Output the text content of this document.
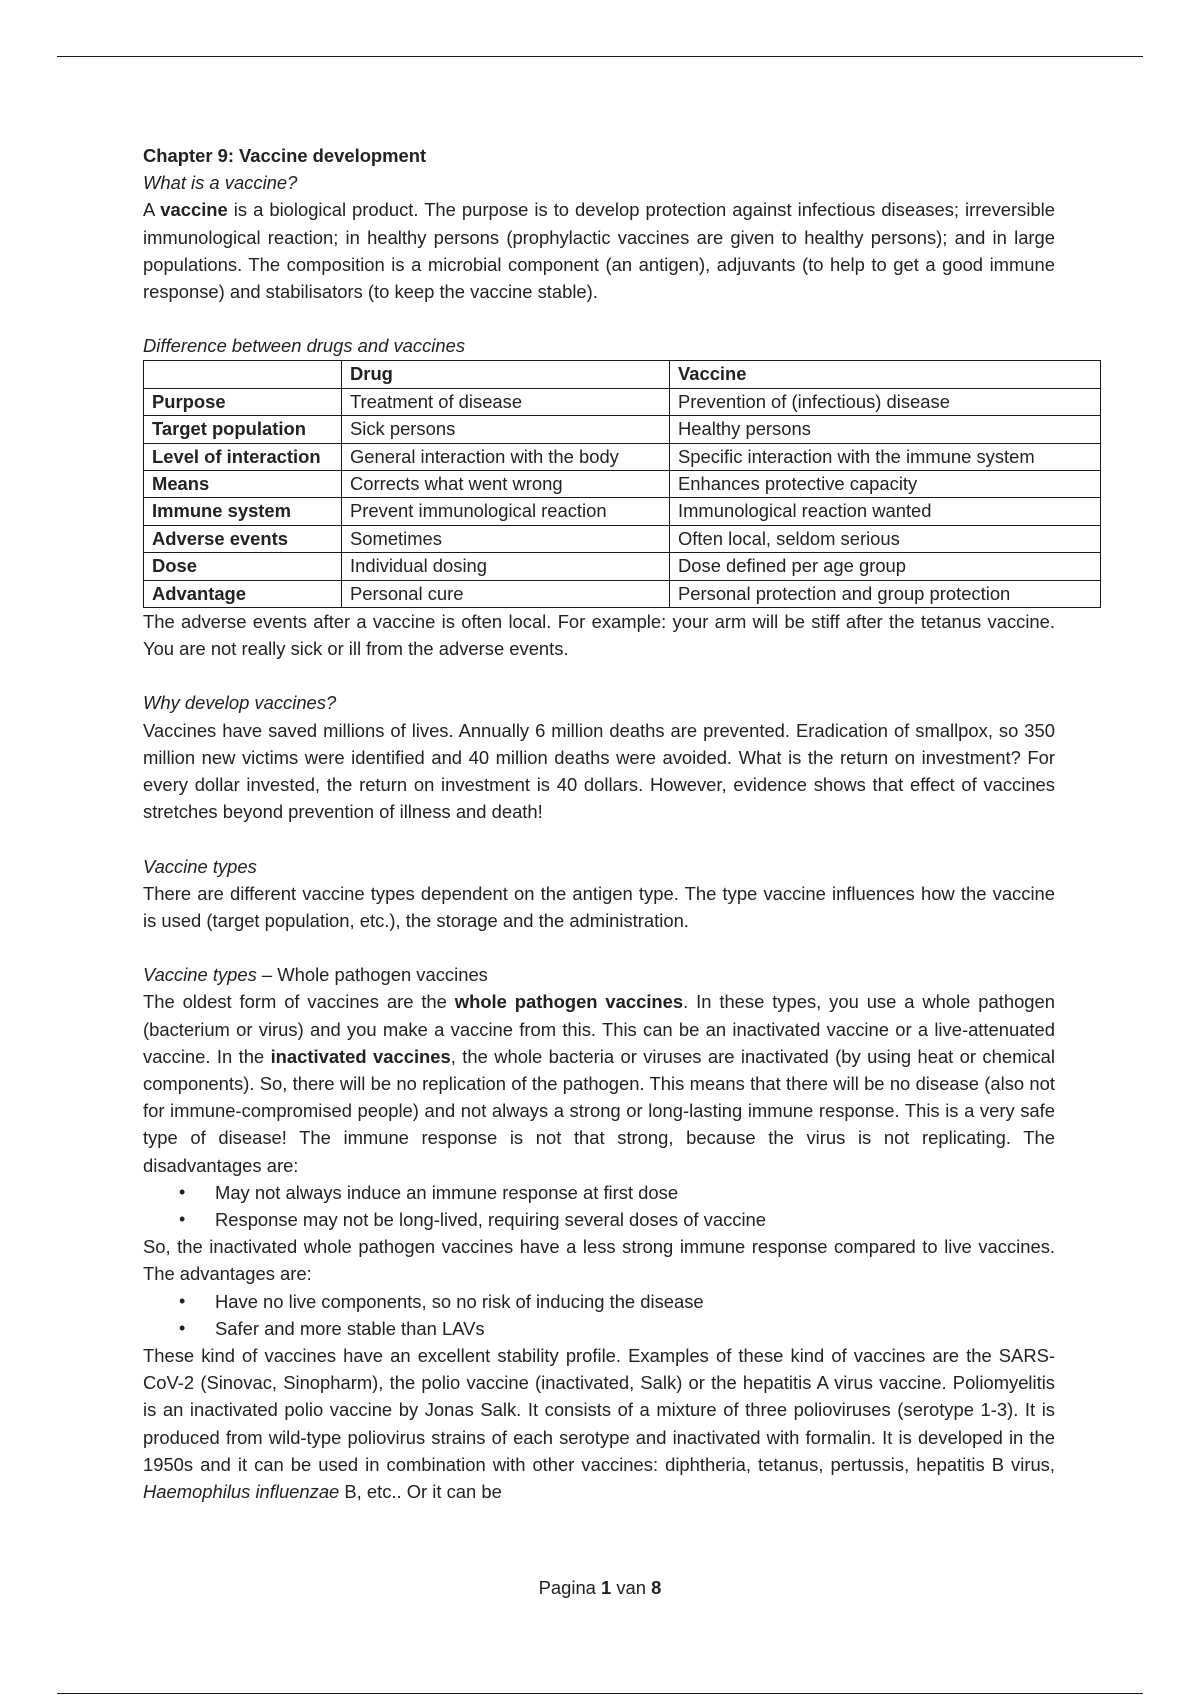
Chapter 9: Vaccine development
What is a vaccine?

A vaccine is a biological product. The purpose is to develop protection against infectious diseases; irreversible immunological reaction; in healthy persons (prophylactic vaccines are given to healthy persons); and in large populations. The composition is a microbial component (an antigen), adjuvants (to help to get a good immune response) and stabilisators (to keep the vaccine stable).

Difference between drugs and vaccines
	Drug	Vaccine
Purpose	Treatment of disease	Prevention of (infectious) disease
Target population	Sick persons	Healthy persons
Level of interaction	General interaction with the body	Specific interaction with the immune system
Means	Corrects what went wrong	Enhances protective capacity
Immune system	Prevent immunological reaction	Immunological reaction wanted
Adverse events	Sometimes	Often local, seldom serious
Dose	Individual dosing	Dose defined per age group
Advantage	Personal cure	Personal protection and group protection

The adverse events after a vaccine is often local. For example: your arm will be stiff after the tetanus vaccine. You are not really sick or ill from the adverse events.

Why develop vaccines?

Vaccines have saved millions of lives. Annually 6 million deaths are prevented. Eradication of smallpox, so 350 million new victims were identified and 40 million deaths were avoided. What is the return on investment? For every dollar invested, the return on investment is 40 dollars. However, evidence shows that effect of vaccines stretches beyond prevention of illness and death!

Vaccine types

There are different vaccine types dependent on the antigen type. The type vaccine influences how the vaccine is used (target population, etc.), the storage and the administration.

Vaccine types – Whole pathogen vaccines

The oldest form of vaccines are the whole pathogen vaccines. In these types, you use a whole pathogen (bacterium or virus) and you make a vaccine from this. This can be an inactivated vaccine or a live-attenuated vaccine. In the inactivated vaccines, the whole bacteria or viruses are inactivated (by using heat or chemical components). So, there will be no replication of the pathogen. This means that there will be no disease (also not for immune-compromised people) and not always a strong or long-lasting immune response. This is a very safe type of disease! The immune response is not that strong, because the virus is not replicating. The disadvantages are:

• May not always induce an immune response at first dose
• Response may not be long-lived, requiring several doses of vaccine

So, the inactivated whole pathogen vaccines have a less strong immune response compared to live vaccines. The advantages are:

• Have no live components, so no risk of inducing the disease
• Safer and more stable than LAVs

These kind of vaccines have an excellent stability profile. Examples of these kind of vaccines are the SARS-CoV-2 (Sinovac, Sinopharm), the polio vaccine (inactivated, Salk) or the hepatitis A virus vaccine. Poliomyelitis is an inactivated polio vaccine by Jonas Salk. It consists of a mixture of three polioviruses (serotype 1-3). It is produced from wild-type poliovirus strains of each serotype and inactivated with formalin. It is developed in the 1950s and it can be used in combination with other vaccines: diphtheria, tetanus, pertussis, hepatitis B virus, Haemophilus influenzae B, etc.. Or it can be

Pagina 1 van 8
